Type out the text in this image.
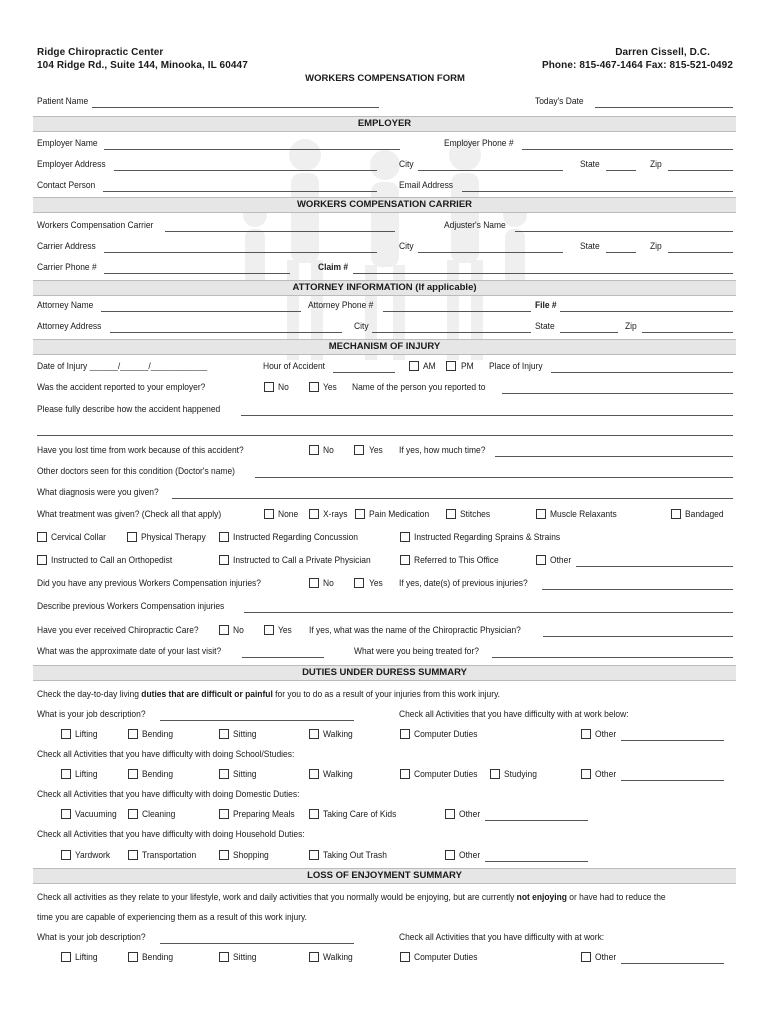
Ridge Chiropractic Center
104 Ridge Rd., Suite 144, Minooka, IL 60447
Darren Cissell, D.C.
Phone: 815-467-1464 Fax: 815-521-0492
WORKERS COMPENSATION FORM
Patient Name	Today's Date
EMPLOYER
Employer Name	Employer Phone #
Employer Address	City	State	Zip
Contact Person	Email Address
WORKERS COMPENSATION CARRIER
Workers Compensation Carrier	Adjuster's Name
Carrier Address	City	State	Zip
Carrier Phone #	Claim #
ATTORNEY INFORMATION (If applicable)
Attorney Name	Attorney Phone #	File #
Attorney Address	City	State	Zip
MECHANISM OF INJURY
Date of Injury ______/______/____________	Hour of Accident	AM	PM Place of Injury
Was the accident reported to your employer?	No	Yes Name of the person you reported to
Please fully describe how the accident happened
Have you lost time from work because of this accident?	No	Yes If yes, how much time?
Other doctors seen for this condition (Doctor's name)
What diagnosis were you given?
What treatment was given? (Check all that apply)	None	X-rays Pain Medication	Stitches	Muscle Relaxants	Bandaged
Cervical Collar	Physical Therapy	Instructed Regarding Concussion	Instructed Regarding Sprains & Strains
Instructed to Call an Orthopedist	Instructed to Call a Private Physician	Referred to This Office	Other
Did you have any previous Workers Compensation injuries?	No	Yes If yes, date(s) of previous injuries?
Describe previous Workers Compensation injuries
Have you ever received Chiropractic Care?	No	Yes If yes, what was the name of the Chiropractic Physician?
What was the approximate date of your last visit?	What were you being treated for?
DUTIES UNDER DURESS SUMMARY
Check the day-to-day living duties that are difficult or painful for you to do as a result of your injuries from this work injury.
What is your job description?	Check all Activities that you have difficulty with at work below:
Lifting	Bending	Sitting	Walking	Computer Duties	Other
Check all Activities that you have difficulty with doing School/Studies:
Lifting	Bending	Sitting	Walking	Computer Duties	Studying	Other
Check all Activities that you have difficulty with doing Domestic Duties:
Vacuuming	Cleaning	Preparing Meals	Taking Care of Kids	Other
Check all Activities that you have difficulty with doing Household Duties:
Yardwork	Transportation	Shopping	Taking Out Trash	Other
LOSS OF ENJOYMENT SUMMARY
Check all activities as they relate to your lifestyle, work and daily activities that you normally would be enjoying, but are currently not enjoying or have had to reduce the
time you are capable of experiencing them as a result of this work injury.
What is your job description?	Check all Activities that you have difficulty with at work:
Lifting	Bending	Sitting	Walking	Computer Duties	Other
